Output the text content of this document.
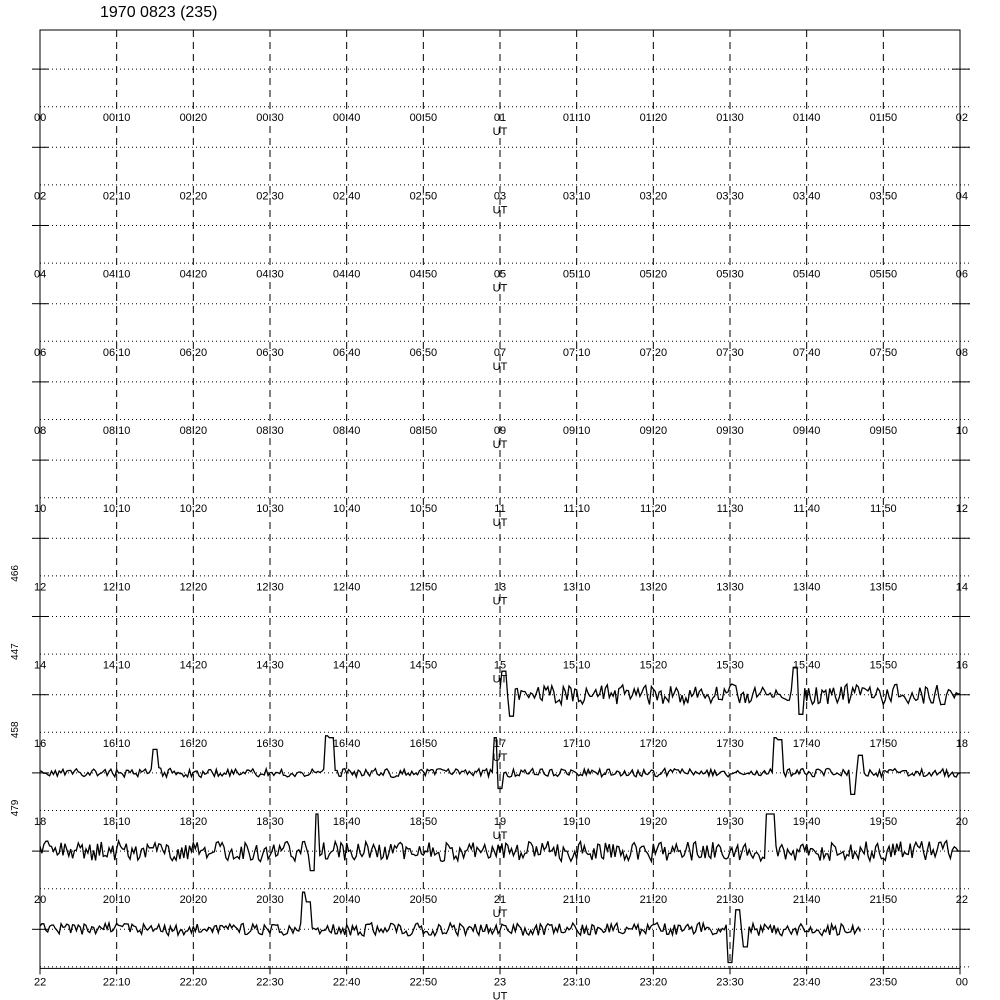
1970 0823 (235)
00	00:10	00:20	00:30	00:40	00:50	01	01:10	01:20	01:30	01:40	01:50	02
UT
02	02:10	02:20	02:30	02:40	02:50	03	03:10	03:20	03:30	03:40	03:50	04
UT
04	04:10	04:20	04:30	04:40	04:50	05	05:10	05:20	05:30	05:40	05:50	06
UT
06	06:10	06:20	06:30	06:40	06:50	07	07:10	07:20	07:30	07:40	07:50	08
UT
08	08:10	08:20	08:30	08:40	08:50	09	09:10	09:20	09:30	09:40	09:50	10
UT
10	10:10	10:20	10:30	10:40	10:50	11	11:10	11:20	11:30	11:40	11:50	12
UT
12	12:10	12:20	12:30	12:40	12:50	13	13:10	13:20	13:30	13:40	13:50	14
UT
466
14	14:10	14:20	14:30	14:40	14:50	15	15:10	15:20	15:30	15:40	15:50	16
UT
447
16	16:10	16:20	16:30	16:40	16:50	17	17:10	17:20	17:30	17:40	17:50	18
UT
458
18	18:10	18:20	18:30	18:40	18:50	19	19:10	19:20	19:30	19:40	19:50	20
UT
479
20	20:10	20:20	20:30	20:40	20:50	21	21:10	21:20	21:30	21:40	21:50	22
UT
22	22:10	22:20	22:30	22:40	22:50	23	23:10	23:20	23:30	23:40	23:50	00
UT
